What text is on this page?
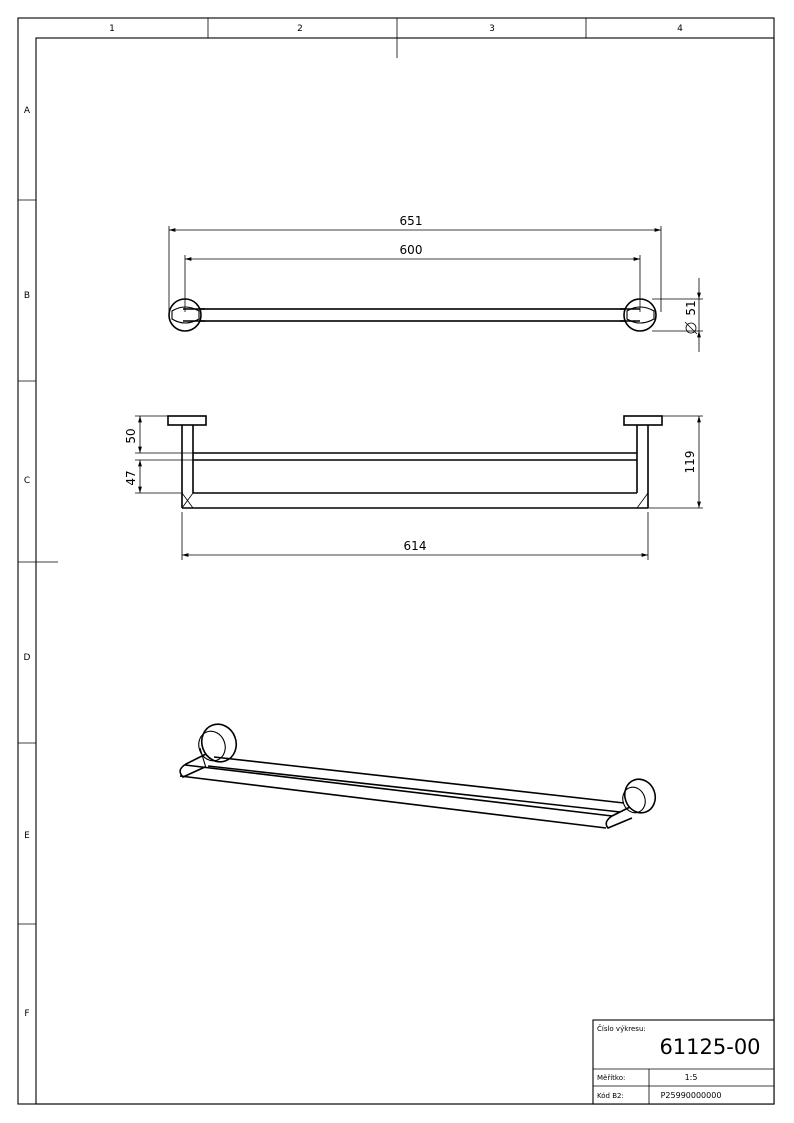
1	2	3	4
A
B
C
D
E
F
651
600
51
50
47
119
614
Číslo výkresu:
61125-00
Měřítko:	1:5
Kód B2:	P25990000000
